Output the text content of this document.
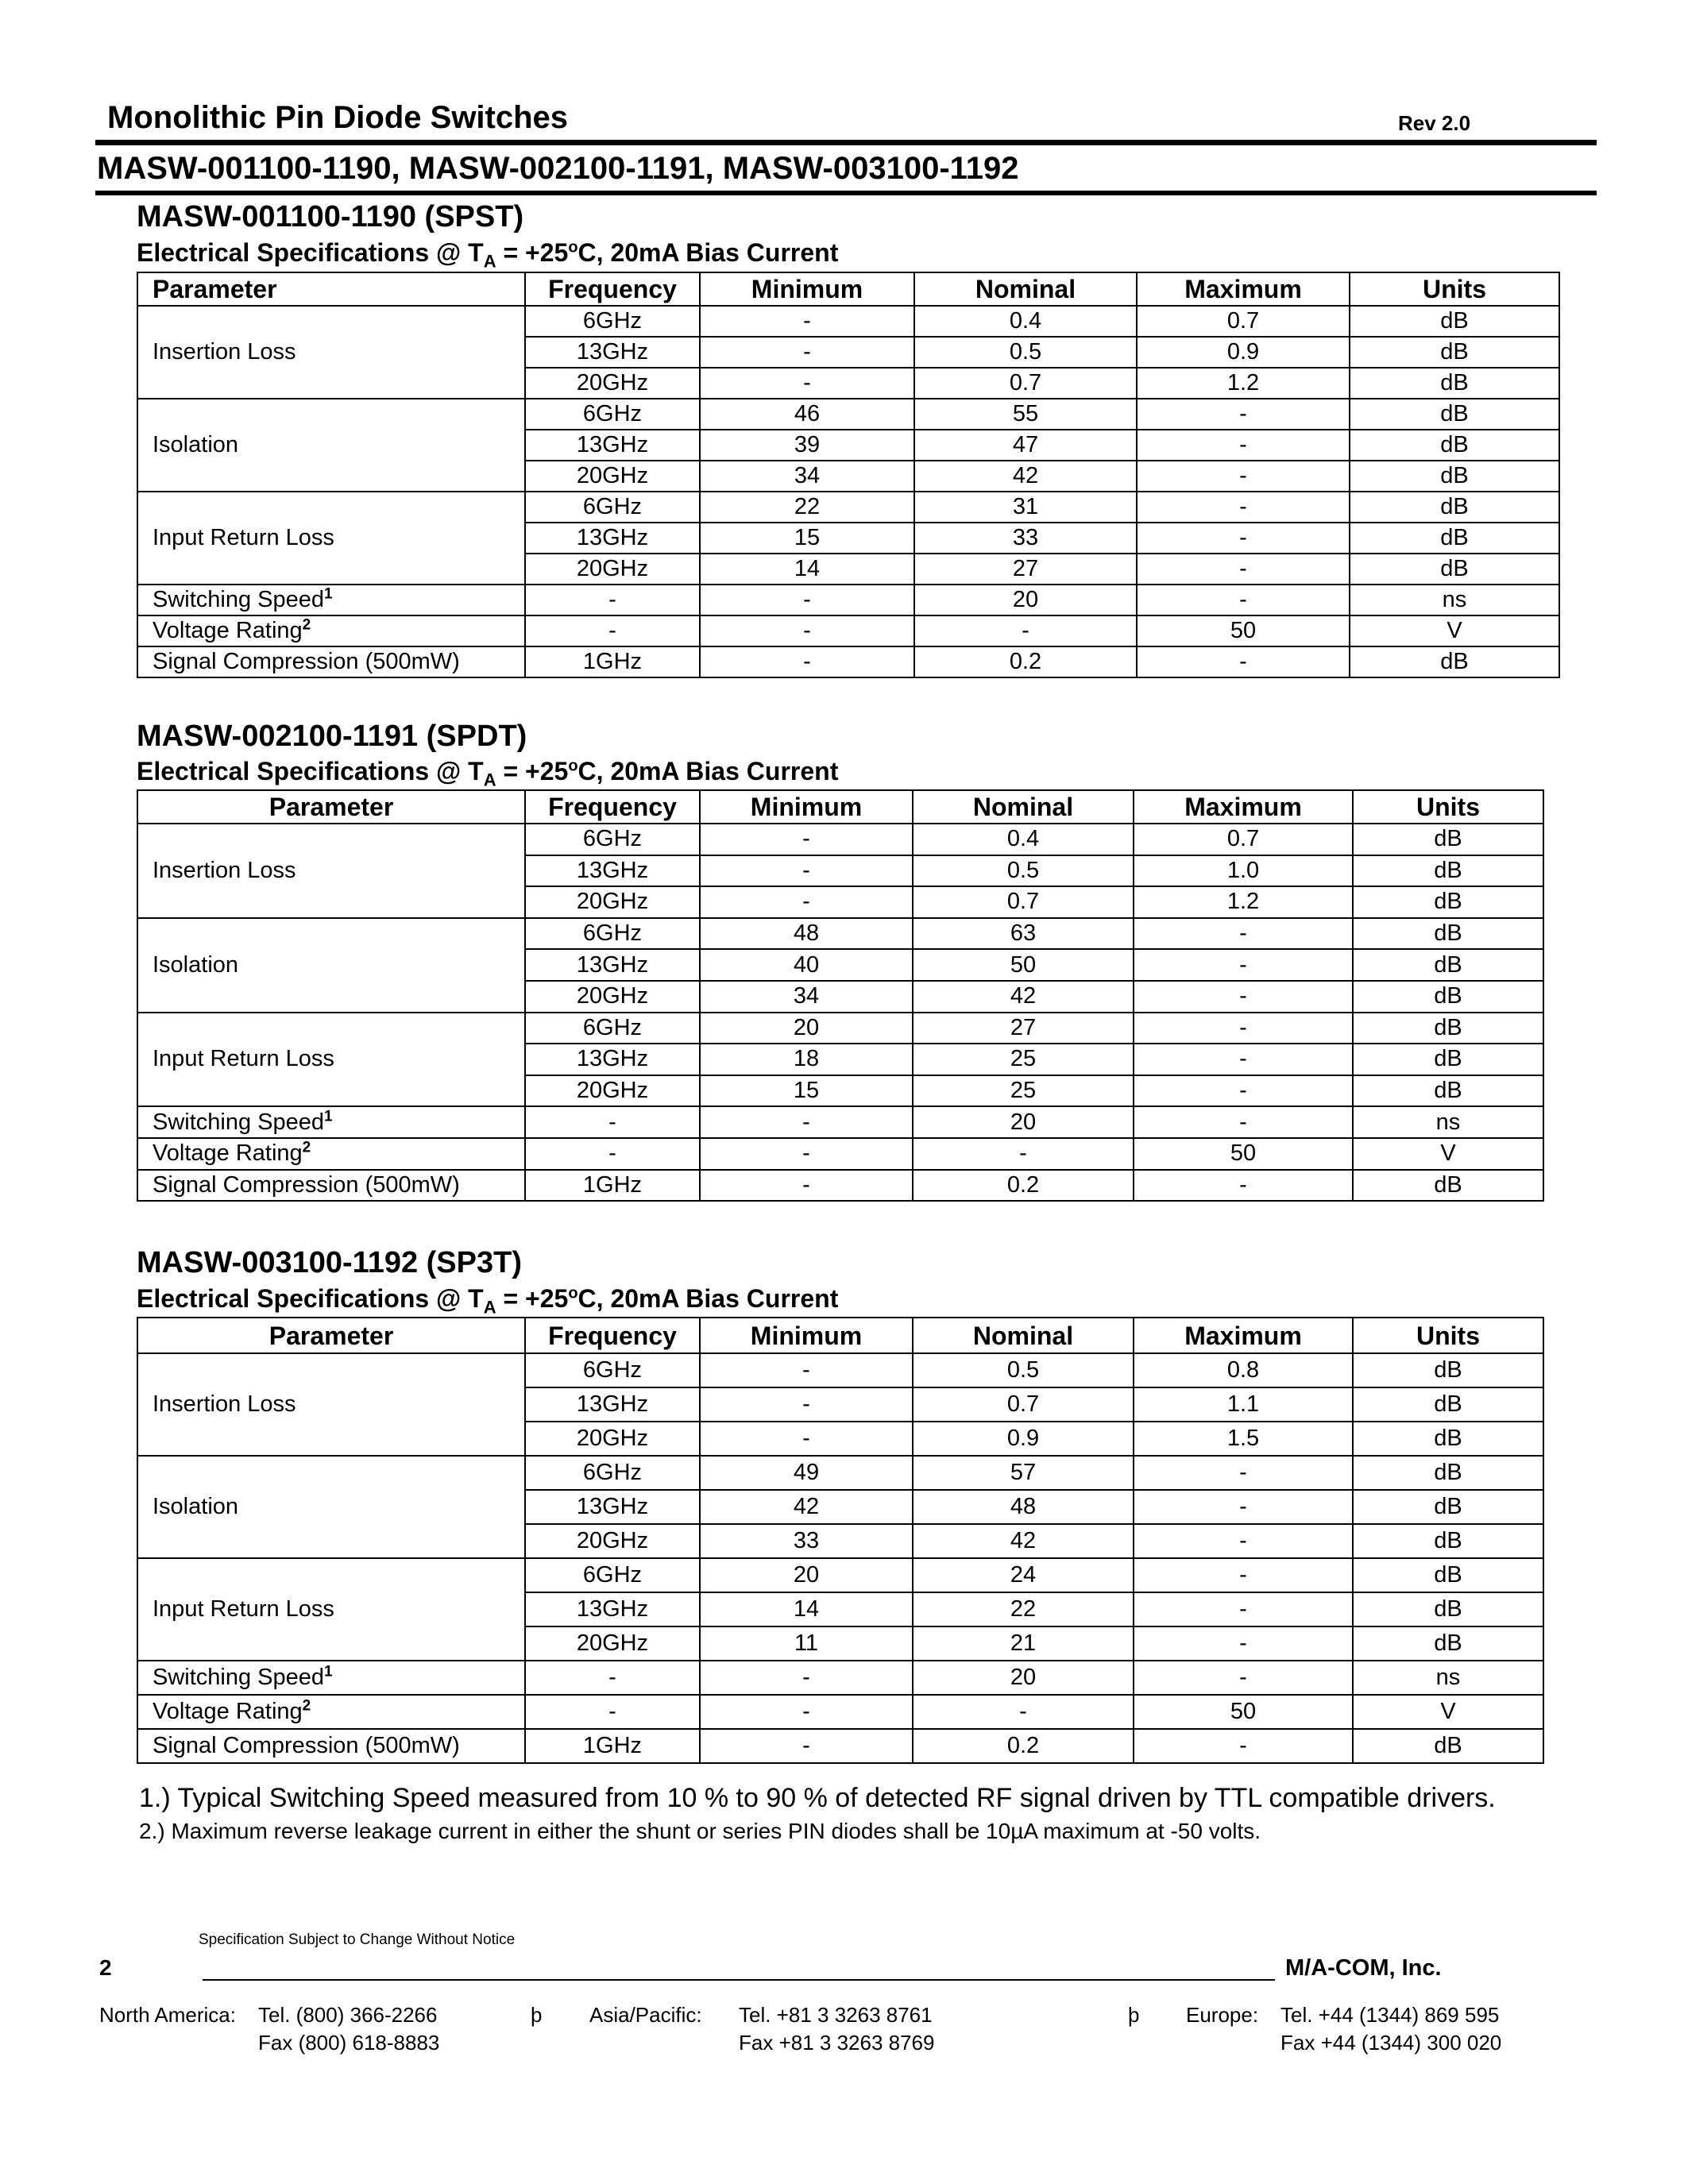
Monolithic Pin Diode Switches	Rev 2.0
MASW-001100-1190, MASW-002100-1191, MASW-003100-1192
MASW-001100-1190 (SPST)
Electrical Specifications @ $T_A = +25^oC$, 20mA Bias Current
Parameter	Frequency	Minimum	Nominal	Maximum	Units
Insertion Loss	6GHz	-	0.4	0.7	dB
	13GHz	-	0.5	0.9	dB
	20GHz	-	0.7	1.2	dB
Isolation	6GHz	46	55	-	dB
	13GHz	39	47	-	dB
	20GHz	34	42	-	dB
Input Return Loss	6GHz	22	31	-	dB
	13GHz	15	33	-	dB
	20GHz	14	27	-	dB
Switching Speed$^1$	-	-	20	-	ns
Voltage Rating$^2$	-	-	-	50	V
Signal Compression (500mW)	1GHz	-	0.2	-	dB
MASW-002100-1191 (SPDT)
Electrical Specifications @ $T_A = +25^oC$, 20mA Bias Current
Parameter	Frequency	Minimum	Nominal	Maximum	Units
Insertion Loss	6GHz	-	0.4	0.7	dB
	13GHz	-	0.5	1.0	dB
	20GHz	-	0.7	1.2	dB
Isolation	6GHz	48	63	-	dB
	13GHz	40	50	-	dB
	20GHz	34	42	-	dB
Input Return Loss	6GHz	20	27	-	dB
	13GHz	18	25	-	dB
	20GHz	15	25	-	dB
Switching Speed$^1$	-	-	20	-	ns
Voltage Rating$^2$	-	-	-	50	V
Signal Compression (500mW)	1GHz	-	0.2	-	dB
MASW-003100-1192 (SP3T)
Electrical Specifications @ $T_A = +25^oC$, 20mA Bias Current
Parameter	Frequency	Minimum	Nominal	Maximum	Units
Insertion Loss	6GHz	-	0.5	0.8	dB
	13GHz	-	0.7	1.1	dB
	20GHz	-	0.9	1.5	dB
Isolation	6GHz	49	57	-	dB
	13GHz	42	48	-	dB
	20GHz	33	42	-	dB
Input Return Loss	6GHz	20	24	-	dB
	13GHz	14	22	-	dB
	20GHz	11	21	-	dB
Switching Speed$^1$	-	-	20	-	ns
Voltage Rating$^2$	-	-	-	50	V
Signal Compression (500mW)	1GHz	-	0.2	-	dB
1.) Typical Switching Speed measured from 10 % to 90 % of detected RF signal driven by TTL compatible drivers.
2.) Maximum reverse leakage current in either the shunt or series PIN diodes shall be 10µA maximum at -50 volts.
Specification Subject to Change Without Notice
2	M/A-COM, Inc.
North America: Tel. (800) 366-2266
Fax (800) 618-8883
þ Asia/Pacific: Tel. +81 3 3263 8761
Fax +81 3 3263 8769
þ Europe: Tel. +44 (1344) 869 595
Fax +44 (1344) 300 020
